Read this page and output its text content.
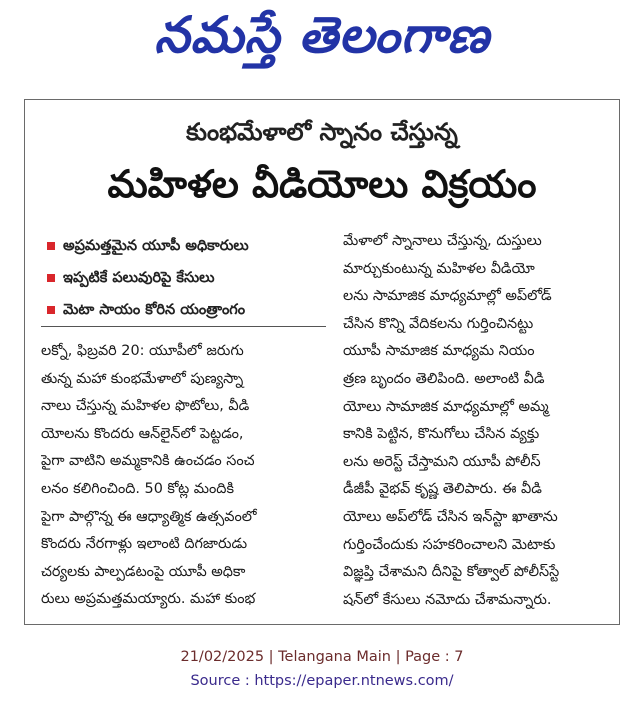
నమస్తే తెలంగాణ
కుంభమేళాలో స్నానం చేస్తున్న
మహిళల వీడియోలు విక్రయం
అప్రమత్తమైన యూపీ అధికారులు
ఇప్పటికే పలువురిపై కేసులు
మెటా సాయం కోరిన యంత్రాంగం
లక్నో, ఫిబ్రవరి 20: యూపీలో జరుగు
తున్న మహా కుంభమేళాలో పుణ్యస్నా
నాలు చేస్తున్న మహిళల ఫొటోలు, వీడి
యోలను కొందరు ఆన్‌లైన్‌లో పెట్టడం,
పైగా వాటిని అమ్మకానికి ఉంచడం సంచ
లనం కలిగించింది. 50 కోట్ల మందికి
పైగా పాల్గొన్న ఈ ఆధ్యాత్మిక ఉత్సవంలో
కొందరు నేరగాళ్లు ఇలాంటి దిగజారుడు
చర్యలకు పాల్పడటంపై యూపీ అధికా
రులు అప్రమత్తమయ్యారు. మహా కుంభ
మేళాలో స్నానాలు చేస్తున్న, దుస్తులు
మార్చుకుంటున్న మహిళల వీడియో
లను సామాజిక మాధ్యమాల్లో అప్‌లోడ్
చేసిన కొన్ని వేదికలను గుర్తించినట్టు
యూపీ సామాజిక మాధ్యమ నియం
త్రణ బృందం తెలిపింది. అలాంటి వీడి
యోలు సామాజిక మాధ్యమాల్లో అమ్మ
కానికి పెట్టిన, కొనుగోలు చేసిన వ్యక్తు
లను అరెస్ట్ చేస్తామని యూపీ పోలీస్
డీజీపీ వైభవ్ కృష్ణ తెలిపారు. ఈ వీడి
యోలు అప్‌లోడ్ చేసిన ఇన్‌స్టా ఖాతాను
గుర్తించేందుకు సహకరించాలని మెటాకు
విజ్ఞప్తి చేశామని దీనిపై కోత్వాల్ పోలీస్‌స్టే
షన్‌లో కేసులు నమోదు చేశామన్నారు.
21/02/2025 | Telangana Main | Page : 7
Source : https://epaper.ntnews.com/
